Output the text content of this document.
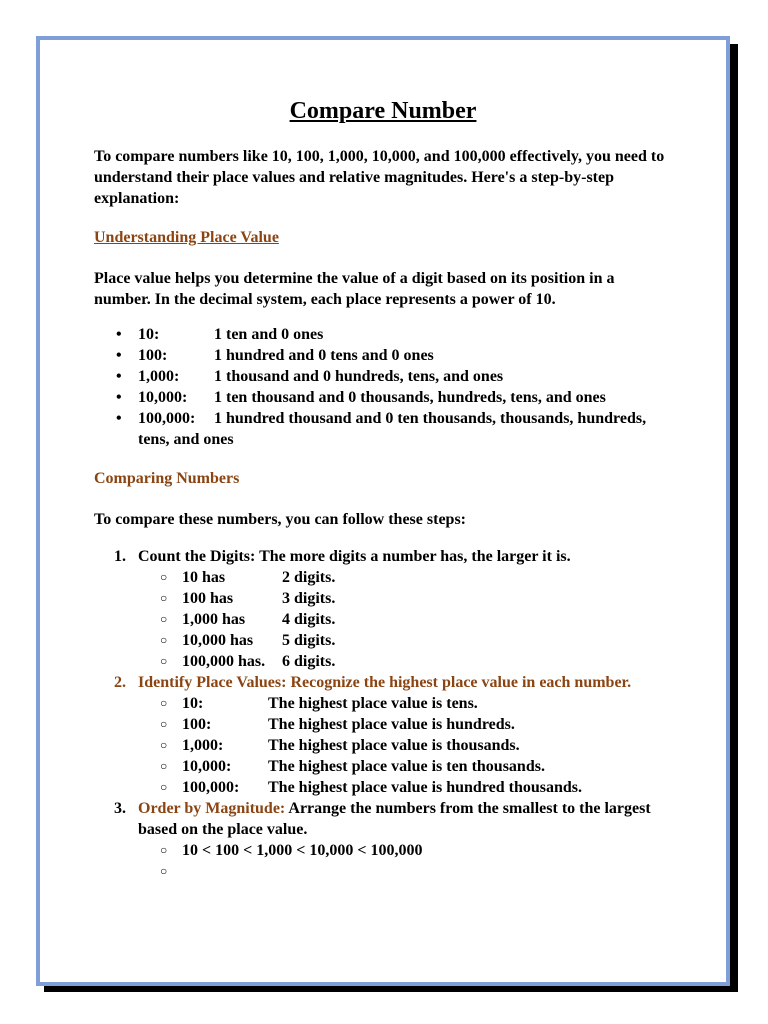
Compare Number

To compare numbers like 10, 100, 1,000, 10,000, and 100,000 effectively, you need to understand their place values and relative magnitudes. Here's a step-by-step explanation:

Understanding Place Value

Place value helps you determine the value of a digit based on its position in a number. In the decimal system, each place represents a power of 10.

• 10:	1 ten and 0 ones
• 100:	1 hundred and 0 tens and 0 ones
• 1,000: 1 thousand and 0 hundreds, tens, and ones
• 10,000: 1 ten thousand and 0 thousands, hundreds, tens, and ones
• 100,000: 1 hundred thousand and 0 ten thousands, thousands, hundreds, tens, and ones

Comparing Numbers

To compare these numbers, you can follow these steps:

1. Count the Digits: The more digits a number has, the larger it is.
○ 10 has	2 digits.
○ 100 has	3 digits.
○ 1,000 has 4 digits.
○ 10,000 has 5 digits.
○ 100,000 has. 6 digits.
2. Identify Place Values: Recognize the highest place value in each number.
○ 10:	The highest place value is tens.
○ 100:	The highest place value is hundreds.
○ 1,000:	The highest place value is thousands.
○ 10,000: The highest place value is ten thousands.
○ 100,000: The highest place value is hundred thousands.
3. Order by Magnitude: Arrange the numbers from the smallest to the largest based on the place value.
○ 10 < 100 < 1,000 < 10,000 < 100,000
